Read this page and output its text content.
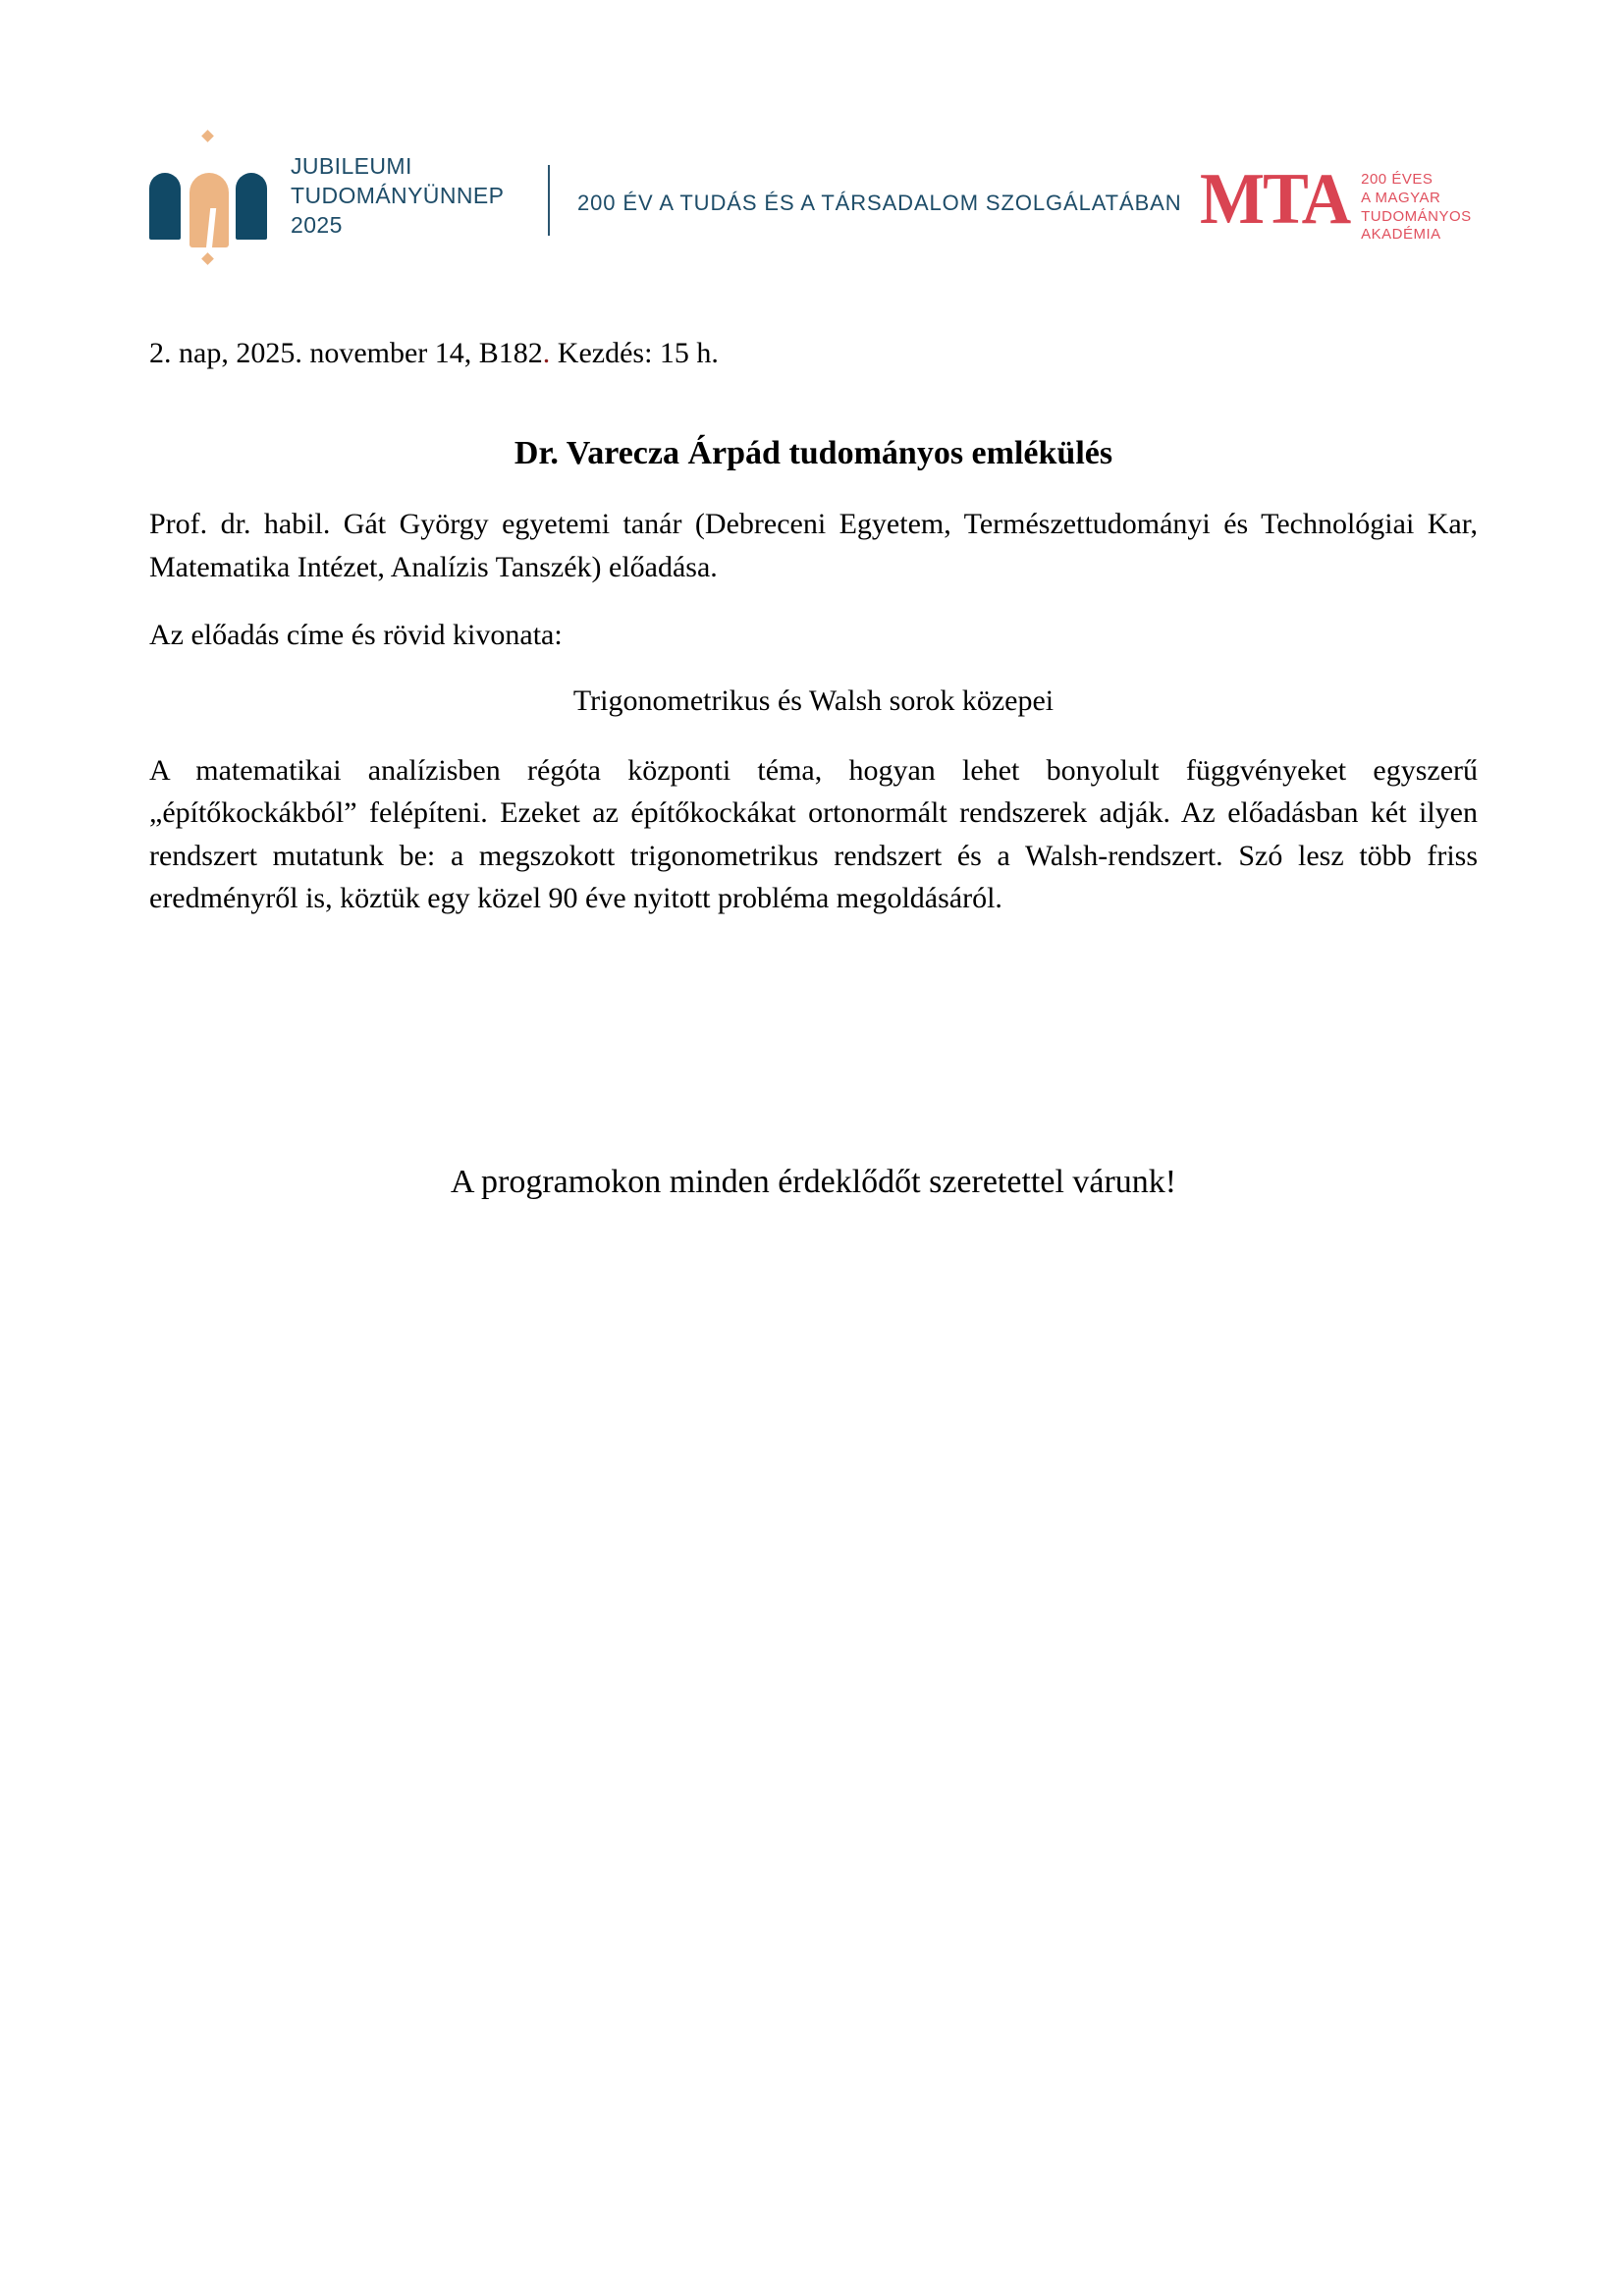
JUBILEUMI
TUDOMÁNYÜNNEP
2025
200 ÉV A TUDÁS ÉS A TÁRSADALOM SZOLGÁLATÁBAN MTA 200 ÉVES
A MAGYAR
TUDOMÁNYOS
AKADÉMIA

2. nap, 2025. november 14, B182. Kezdés: 15 h.

Dr. Varecza Árpád tudományos emlékülés

Prof. dr. habil. Gát György egyetemi tanár (Debreceni Egyetem, Természettudományi és Technológiai Kar, Matematika Intézet, Analízis Tanszék) előadása.

Az előadás címe és rövid kivonata:

Trigonometrikus és Walsh sorok közepei

A matematikai analízisben régóta központi téma, hogyan lehet bonyolult függvényeket egyszerű „építőkockákból” felépíteni. Ezeket az építőkockákat ortonormált rendszerek adják. Az előadásban két ilyen rendszert mutatunk be: a megszokott trigonometrikus rendszert és a Walsh-rendszert. Szó lesz több friss eredményről is, köztük egy közel 90 éve nyitott probléma megoldásáról.

A programokon minden érdeklődőt szeretettel várunk!
